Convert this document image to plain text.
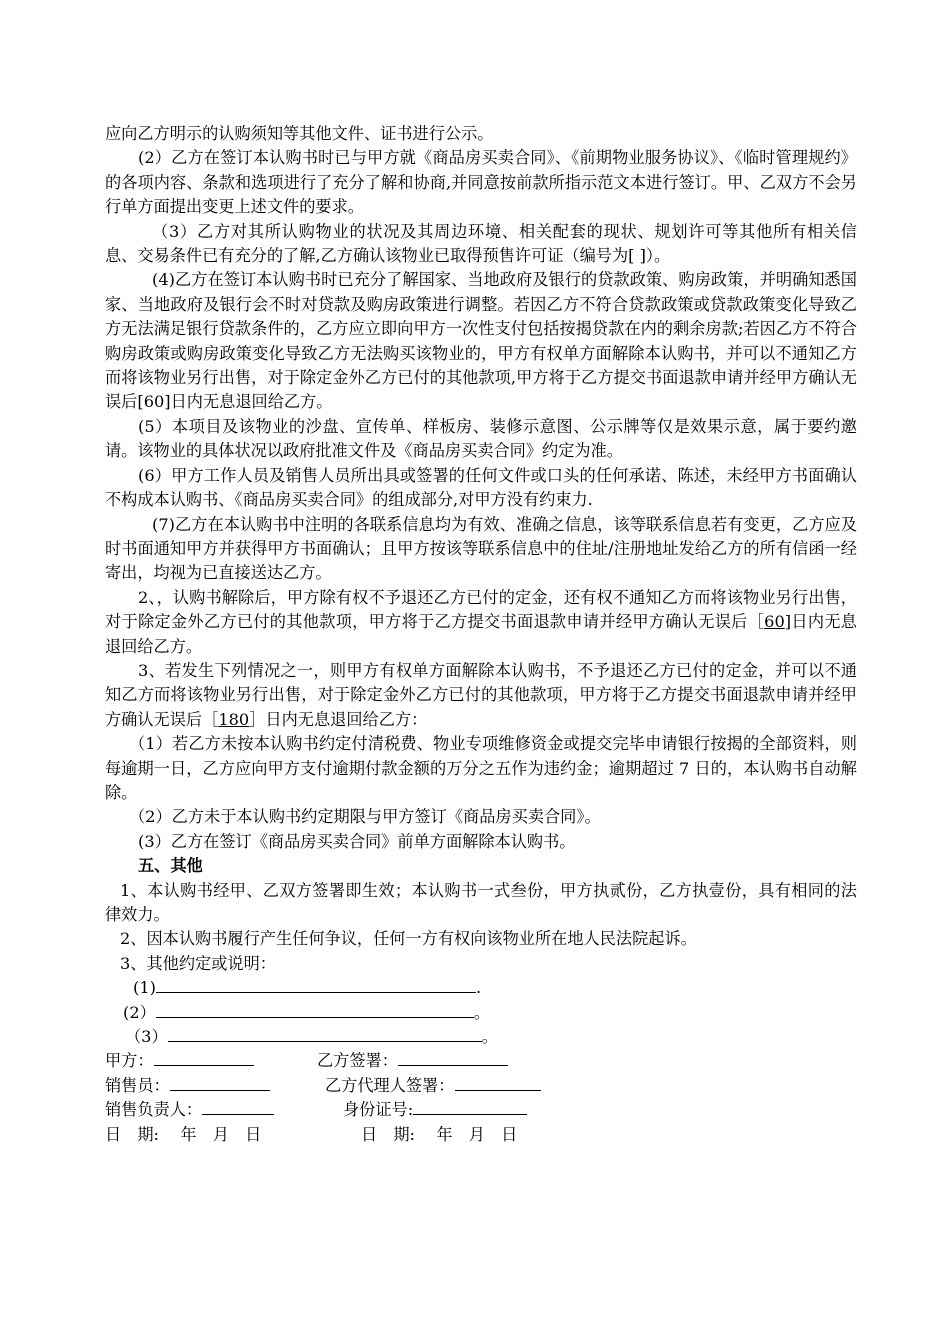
应向乙方明示的认购须知等其他文件、证书进行公示。

(2）乙方在签订本认购书时已与甲方就《商品房买卖合同》、《前期物业服务协议》、《临时管理规约》的各项内容、条款和选项进行了充分了解和协商,并同意按前款所指示范文本进行签订。甲、乙双方不会另行单方面提出变更上述文件的要求。

（3）乙方对其所认购物业的状况及其周边环境、相关配套的现状、规划许可等其他所有相关信息、交易条件已有充分的了解,乙方确认该物业已取得预售许可证（编号为[ ]）。

(4)乙方在签订本认购书时已充分了解国家、当地政府及银行的贷款政策、购房政策，并明确知悉国家、当地政府及银行会不时对贷款及购房政策进行调整。若因乙方不符合贷款政策或贷款政策变化导致乙方无法满足银行贷款条件的，乙方应立即向甲方一次性支付包括按揭贷款在内的剩余房款;若因乙方不符合购房政策或购房政策变化导致乙方无法购买该物业的，甲方有权单方面解除本认购书，并可以不通知乙方而将该物业另行出售，对于除定金外乙方已付的其他款项,甲方将于乙方提交书面退款申请并经甲方确认无误后[60]日内无息退回给乙方。

(5）本项目及该物业的沙盘、宣传单、样板房、装修示意图、公示牌等仅是效果示意，属于要约邀请。该物业的具体状况以政府批准文件及《商品房买卖合同》约定为准。

(6）甲方工作人员及销售人员所出具或签署的任何文件或口头的任何承诺、陈述，未经甲方书面确认不构成本认购书、《商品房买卖合同》的组成部分,对甲方没有约束力.

(7)乙方在本认购书中注明的各联系信息均为有效、准确之信息，该等联系信息若有变更，乙方应及时书面通知甲方并获得甲方书面确认；且甲方按该等联系信息中的住址/注册地址发给乙方的所有信函一经寄出，均视为已直接送达乙方。

2、，认购书解除后，甲方除有权不予退还乙方已付的定金，还有权不通知乙方而将该物业另行出售，对于除定金外乙方已付的其他款项，甲方将于乙方提交书面退款申请并经甲方确认无误后［60]日内无息退回给乙方。

3、若发生下列情况之一，则甲方有权单方面解除本认购书，不予退还乙方已付的定金，并可以不通知乙方而将该物业另行出售，对于除定金外乙方已付的其他款项，甲方将于乙方提交书面退款申请并经甲方确认无误后［180］日内无息退回给乙方：

（1）若乙方未按本认购书约定付清税费、物业专项维修资金或提交完毕申请银行按揭的全部资料，则每逾期一日，乙方应向甲方支付逾期付款金额的万分之五作为违约金；逾期超过 7 日的，本认购书自动解除。

（2）乙方未于本认购书约定期限与甲方签订《商品房买卖合同》。

(3）乙方在签订《商品房买卖合同》前单方面解除本认购书。

五、其他

1、本认购书经甲、乙双方签署即生效；本认购书一式叁份，甲方执贰份，乙方执壹份，具有相同的法律效力。

2、因本认购书履行产生任何争议，任何一方有权向该物业所在地人民法院起诉。

3、其他约定或说明：

(1)	.

(2）	。

（3）	。

甲方：	乙方签署：
销售员：	乙方代理人签署：
销售负责人：	身份证号:
日　期:　 年　月　日	日　期:　 年　月　日
